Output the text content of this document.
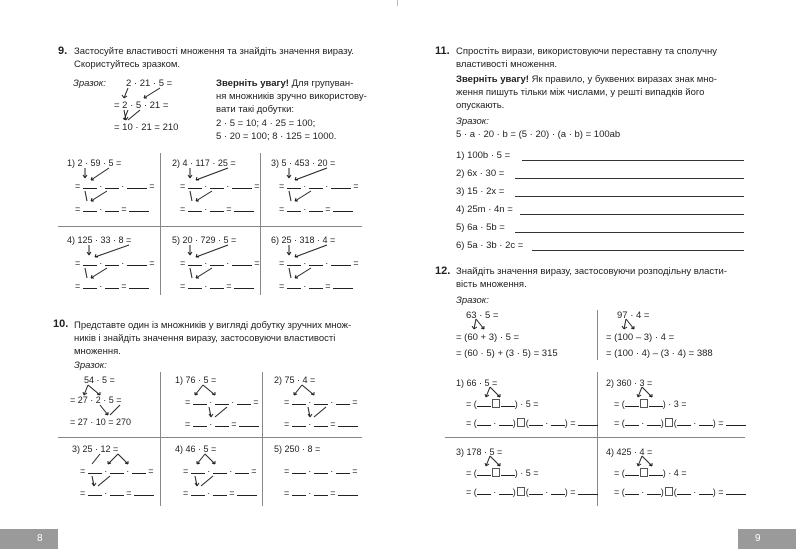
9. Застосуйте властивості множення та знайдіть значення виразу.
Скористуйтесь зразком.
Зразок: 2 · 21 · 5 =
= 2 · 5 · 21 =
= 10 · 21 = 210
Зверніть увагу! Для групуван-
ня множників зручно використову-
вати такі добутки:
2 · 5 = 10; 4 · 25 = 100;
5 · 20 = 100; 8 · 125 = 1000.
1) 2 · 59 · 5 =
=  ·  ·  =
=  ·  =
2) 4 · 117 · 25 =
=  ·  ·  =
=  ·  =
3) 5 · 453 · 20 =
=  ·  ·  =
=  ·  =
4) 125 · 33 · 8 =
=  ·  ·  =
=  ·  =
5) 20 · 729 · 5 =
=  ·  ·  =
=  ·  =
6) 25 · 318 · 4 =
=  ·  ·  =
=  ·  =
10. Представте один із множників у вигляді добутку зручних множ-
ників і знайдіть значення виразу, застосовуючи властивості
множення.
Зразок:
54 · 5 =
= 27 · 2 · 5 =
= 27 · 10 = 270
1) 76 · 5 =
=  ·  ·  =
=  ·  =
2) 75 · 4 =
=  ·  ·  =
=  ·  =
3) 25 · 12 =
=  ·  ·  =
=  ·  =
4) 46 · 5 =
=  ·  ·  =
=  ·  =
5) 250 · 8 =
=  ·  ·  =
=  ·  =
8
11. Спростіть вирази, використовуючи переставну та сполучну
властивості множення.
Зверніть увагу! Як правило, у буквених виразах знак мно-
ження пишуть тільки між числами, у решті випадків його
опускають.
Зразок:
5 · a · 20 · b = (5 · 20) · (a · b) = 100ab
1) 100b · 5 =
2) 6x · 30 =
3) 15 · 2x =
4) 25m · 4n =
5) 6a · 5b =
6) 5a · 3b · 2c =
12. Знайдіть значення виразу, застосовуючи розподільну власти-
вість множення.
Зразок:
63 · 5 =
= (60 + 3) · 5 =
= (60 · 5) + (3 · 5) = 315
97 · 4 =
= (100 – 3) · 4 =
= (100 · 4) – (3 · 4) = 388
1) 66 · 5 =
= (	) · 5 =
= ( · ) ( · ) =
2) 360 · 3 =
= (	) · 3 =
= ( · ) ( · ) =
3) 178 · 5 =
= (	) · 5 =
= ( · ) ( · ) =
4) 425 · 4 =
= (	) · 4 =
= ( · ) ( · ) =
9
